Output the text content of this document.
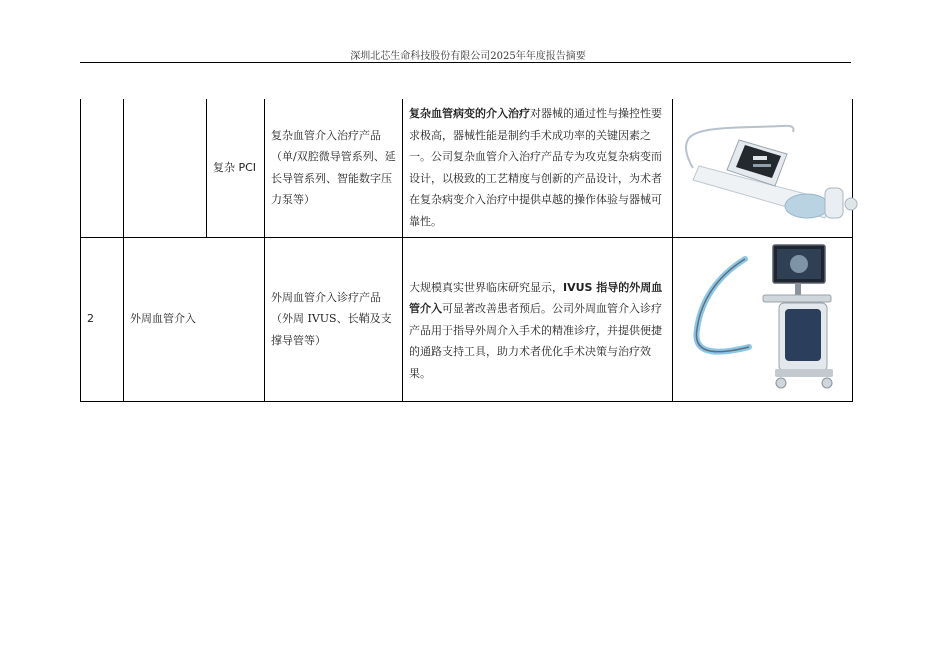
深圳北芯生命科技股份有限公司2025年年度报告摘要
		复杂 PCI	复杂血管介入治疗产品（单/双腔微导管系列、延长导管系列、智能数字压力泵等）	复杂血管病变的介入治疗对器械的通过性与操控性要求极高，器械性能是制约手术成功率的关键因素之一。公司复杂血管介入治疗产品专为攻克复杂病变而设计，以极致的工艺精度与创新的产品设计，为术者在复杂病变介入治疗中提供卓越的操作体验与器械可靠性。

2	外周血管介入		外周血管介入诊疗产品（外周 IVUS、长鞘及支撑导管等）	大规模真实世界临床研究显示，IVUS 指导的外周血管介入可显著改善患者预后。公司外周血管介入诊疗产品用于指导外周介入手术的精准诊疗，并提供便捷的通路支持工具，助力术者优化手术决策与治疗效果。
